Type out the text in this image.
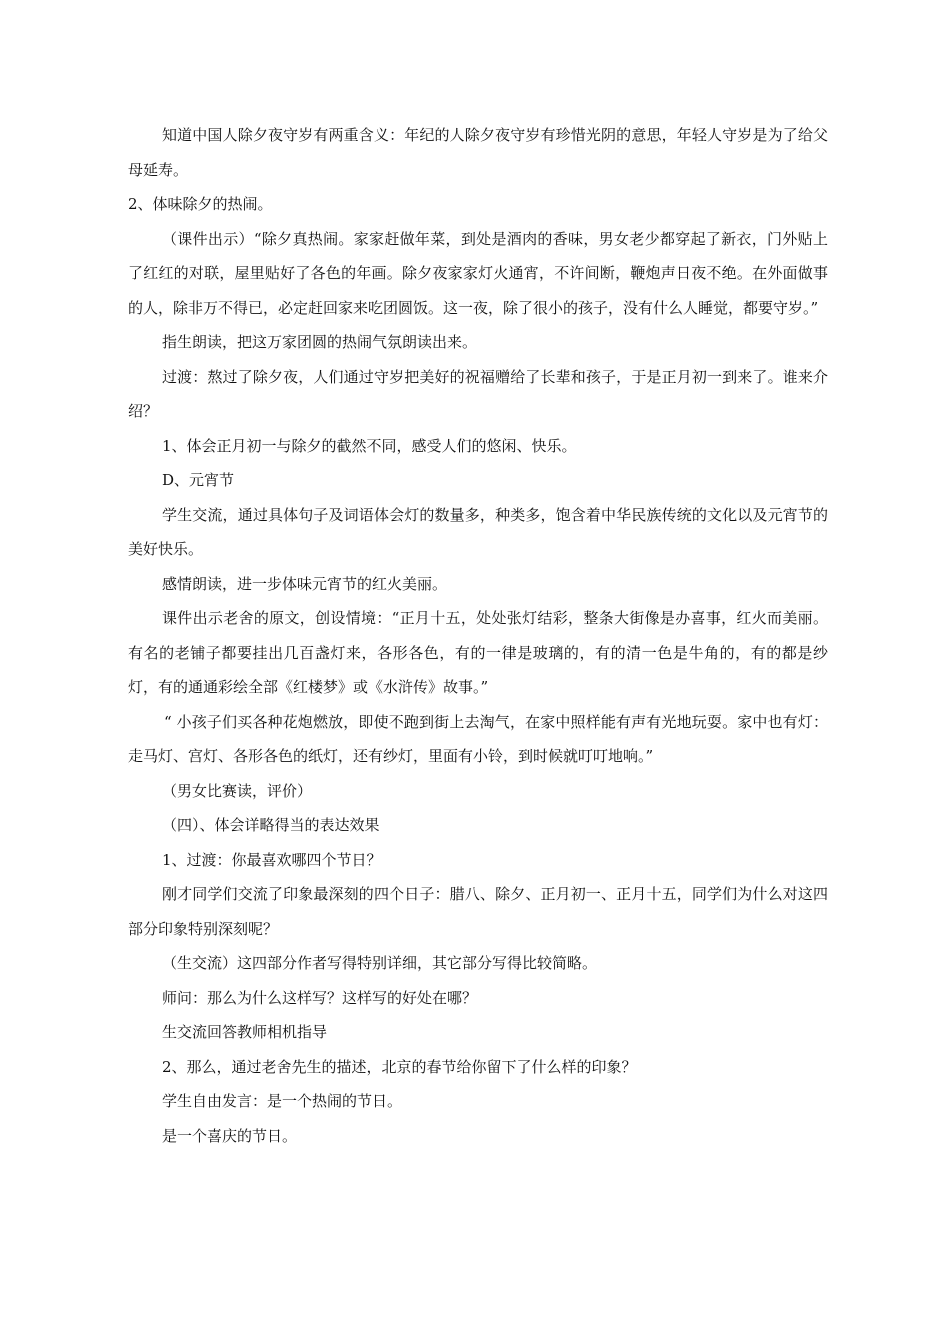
知道中国人除夕夜守岁有两重含义：年纪的人除夕夜守岁有珍惜光阴的意思，年轻人守岁是为了给父母延寿。

2、体味除夕的热闹。

（课件出示）“除夕真热闹。家家赶做年菜，到处是酒肉的香味，男女老少都穿起了新衣，门外贴上了红红的对联，屋里贴好了各色的年画。除夕夜家家灯火通宵，不许间断，鞭炮声日夜不绝。在外面做事的人，除非万不得已，必定赶回家来吃团圆饭。这一夜，除了很小的孩子，没有什么人睡觉，都要守岁。”

指生朗读，把这万家团圆的热闹气氛朗读出来。

过渡：熬过了除夕夜，人们通过守岁把美好的祝福赠给了长辈和孩子，于是正月初一到来了。谁来介绍？

1、体会正月初一与除夕的截然不同，感受人们的悠闲、快乐。

D、元宵节

学生交流，通过具体句子及词语体会灯的数量多，种类多，饱含着中华民族传统的文化以及元宵节的美好快乐。

感情朗读，进一步体味元宵节的红火美丽。

课件出示老舍的原文，创设情境：“正月十五，处处张灯结彩，整条大街像是办喜事，红火而美丽。有名的老铺子都要挂出几百盏灯来，各形各色，有的一律是玻璃的，有的清一色是牛角的，有的都是纱灯，有的通通彩绘全部《红楼梦》或《水浒传》故事。”

“ 小孩子们买各种花炮燃放，即使不跑到街上去淘气，在家中照样能有声有光地玩耍。家中也有灯：走马灯、宫灯、各形各色的纸灯，还有纱灯，里面有小铃，到时候就叮叮地响。”

（男女比赛读，评价）

（四）、体会详略得当的表达效果

1、过渡：你最喜欢哪四个节日？

刚才同学们交流了印象最深刻的四个日子：腊八、除夕、正月初一、正月十五，同学们为什么对这四部分印象特别深刻呢？

（生交流）这四部分作者写得特别详细，其它部分写得比较简略。

师问：那么为什么这样写？这样写的好处在哪？

生交流回答教师相机指导

2、那么，通过老舍先生的描述，北京的春节给你留下了什么样的印象？

学生自由发言：是一个热闹的节日。

是一个喜庆的节日。
